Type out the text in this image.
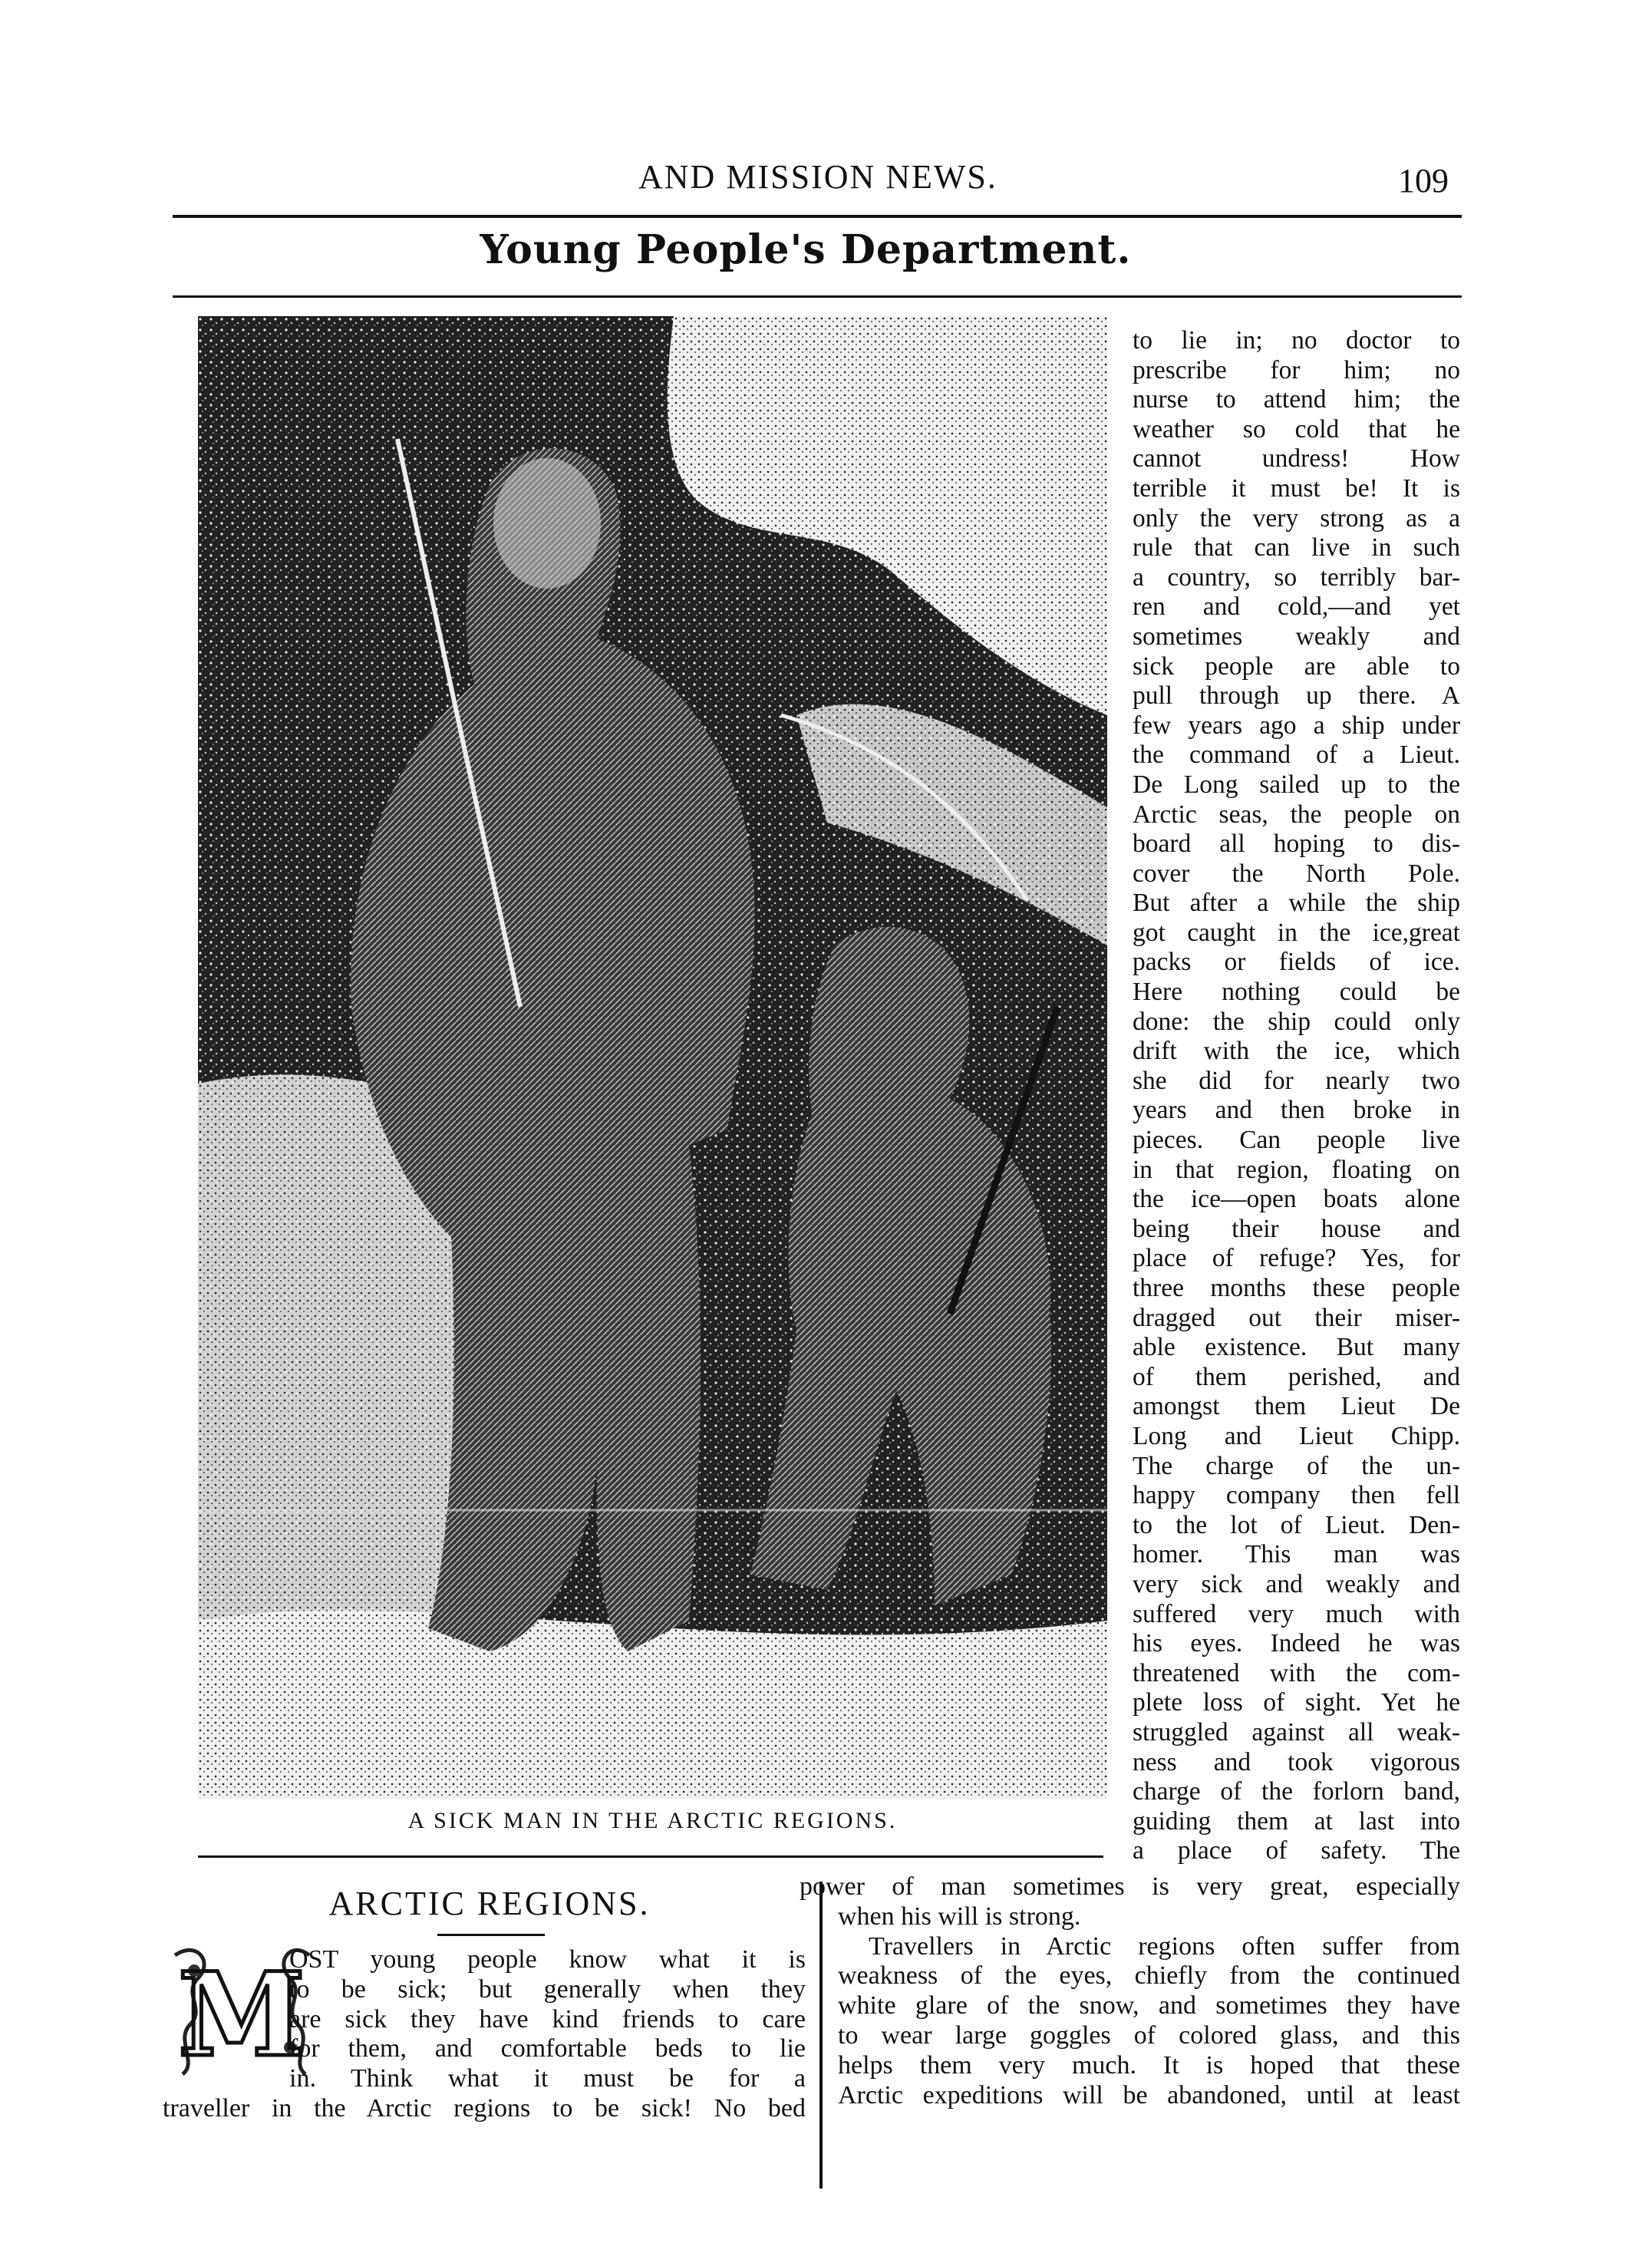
AND MISSION NEWS.	109
Young People's Department.
A SICK MAN IN THE ARCTIC REGIONS.

to lie in; no doctor to
prescribe for him; no
nurse to attend him; the
weather so cold that he
cannot undress! How
terrible it must be! It is
only the very strong as a
rule that can live in such
a country, so terribly bar-
ren and cold,—and yet
sometimes weakly and
sick people are able to
pull through up there. A
few years ago a ship under
the command of a Lieut.
De Long sailed up to the
Arctic seas, the people on
board all hoping to dis-
cover the North Pole.
But after a while the ship
got caught in the ice,great
packs or fields of ice.
Here nothing could be
done: the ship could only
drift with the ice, which
she did for nearly two
years and then broke in
pieces. Can people live
in that region, floating on
the ice—open boats alone
being their house and
place of refuge? Yes, for
three months these people
dragged out their miser-
able existence. But many
of them perished, and
amongst them Lieut De
Long and Lieut Chipp.
The charge of the un-
happy company then fell
to the lot of Lieut. Den-
homer. This man was
very sick and weakly and
suffered very much with
his eyes. Indeed he was
threatened with the com-
plete loss of sight. Yet he
struggled against all weak-
ness and took vigorous
charge of the forlorn band,
guiding them at last into
a place of safety. The

ARCTIC REGIONS.
M
OST young people know what it is
to be sick; but generally when they
are sick they have kind friends to care
for them, and comfortable beds to lie
in. Think what it must be for a
traveller in the Arctic regions to be sick! No bed
power of man sometimes is very great, especially
when his will is strong.
Travellers in Arctic regions often suffer from
weakness of the eyes, chiefly from the continued
white glare of the snow, and sometimes they have
to wear large goggles of colored glass, and this
helps them very much. It is hoped that these
Arctic expeditions will be abandoned, until at least
